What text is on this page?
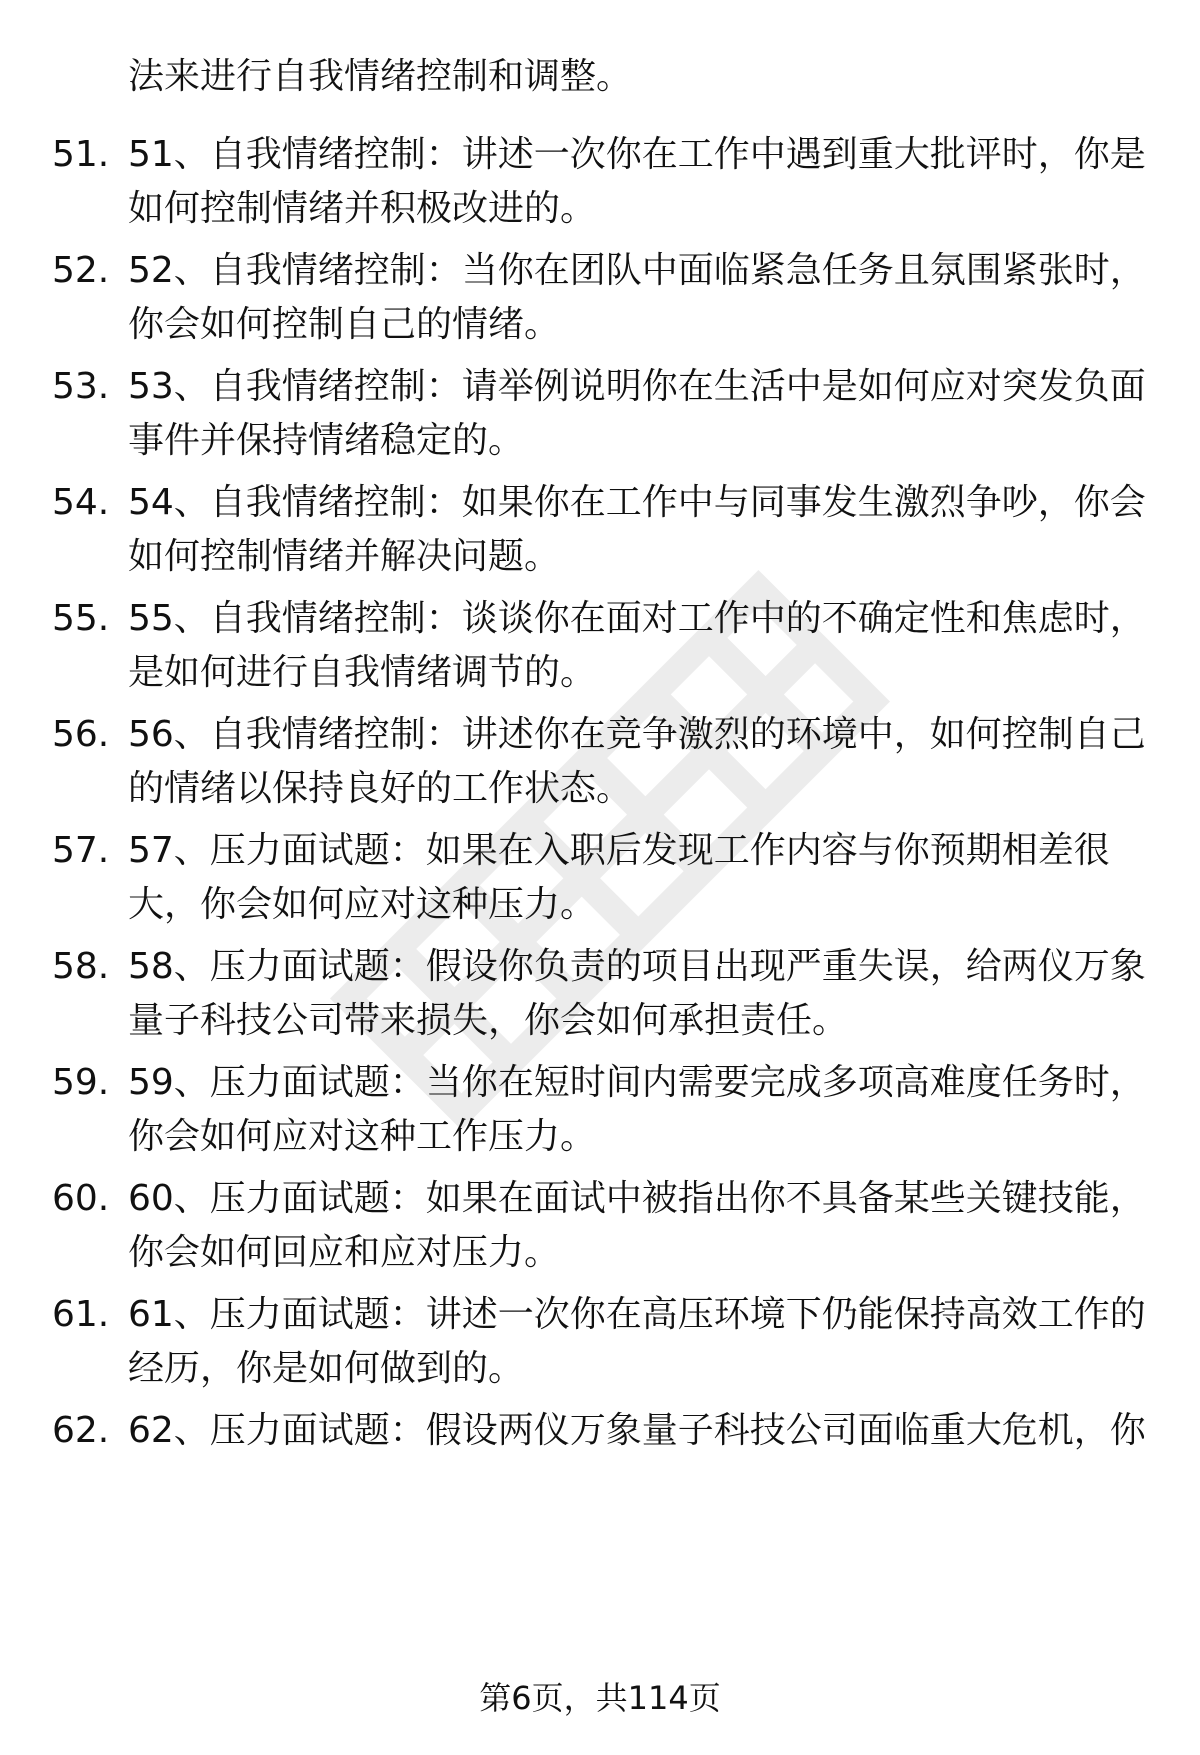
法来进行自我情绪控制和调整。
51. 51、自我情绪控制：讲述一次你在工作中遇到重大批评时，你是
如何控制情绪并积极改进的。
52. 52、自我情绪控制：当你在团队中面临紧急任务且氛围紧张时，
你会如何控制自己的情绪。
53. 53、自我情绪控制：请举例说明你在生活中是如何应对突发负面
事件并保持情绪稳定的。
54. 54、自我情绪控制：如果你在工作中与同事发生激烈争吵，你会
如何控制情绪并解决问题。
55. 55、自我情绪控制：谈谈你在面对工作中的不确定性和焦虑时，
是如何进行自我情绪调节的。
56. 56、自我情绪控制：讲述你在竞争激烈的环境中，如何控制自己
的情绪以保持良好的工作状态。
57. 57、压力面试题：如果在入职后发现工作内容与你预期相差很
大，你会如何应对这种压力。
58. 58、压力面试题：假设你负责的项目出现严重失误，给两仪万象
量子科技公司带来损失，你会如何承担责任。
59. 59、压力面试题：当你在短时间内需要完成多项高难度任务时，
你会如何应对这种工作压力。
60. 60、压力面试题：如果在面试中被指出你不具备某些关键技能，
你会如何回应和应对压力。
61. 61、压力面试题：讲述一次你在高压环境下仍能保持高效工作的
经历，你是如何做到的。
62. 62、压力面试题：假设两仪万象量子科技公司面临重大危机，你
第6页，共114页
